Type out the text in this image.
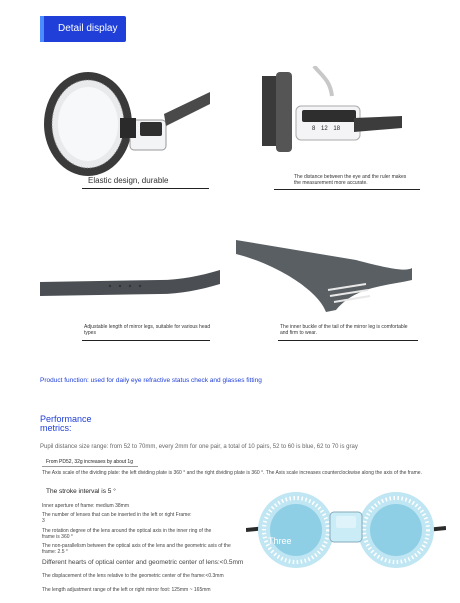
Detail display
Elastic design, durable
8 12 18
The distance between the eye and the ruler makes the measurement more accurate.
Adjustable length of mirror legs, suitable for various head types
The inner buckle of the tail of the mirror leg is comfortable and firm to wear.
Product function: used for daily eye refractive status check and glasses fitting
Performance metrics:
Pupil distance size range: from 52 to 70mm, every 2mm for one pair, a total of 10 pairs, 52 to 60 is blue, 62 to 70 is gray
From PD52, 32g increases by about 1g
The Axis scale of the dividing plate: the left dividing plate is 360 ° and the right dividing plate is 360 °. The Axis scale increases counterclockwise along the axis of the frame.
The stroke interval is 5 °
Inner aperture of frame: medium 38mm
The number of lenses that can be inserted in the left or right Frame: 3
The rotation degree of the lens around the optical axis in the inner ring of the frame is 360 °
The non-parallelism between the optical axis of the lens and the geometric axis of the frame: 2.5 °
Different hearts of optical center and geometric center of lens:<0.5mm
The displacement of the lens relative to the geometric center of the frame:<0.3mm
The length adjustment range of the left or right mirror foot: 125mm ~ 165mm
Three
